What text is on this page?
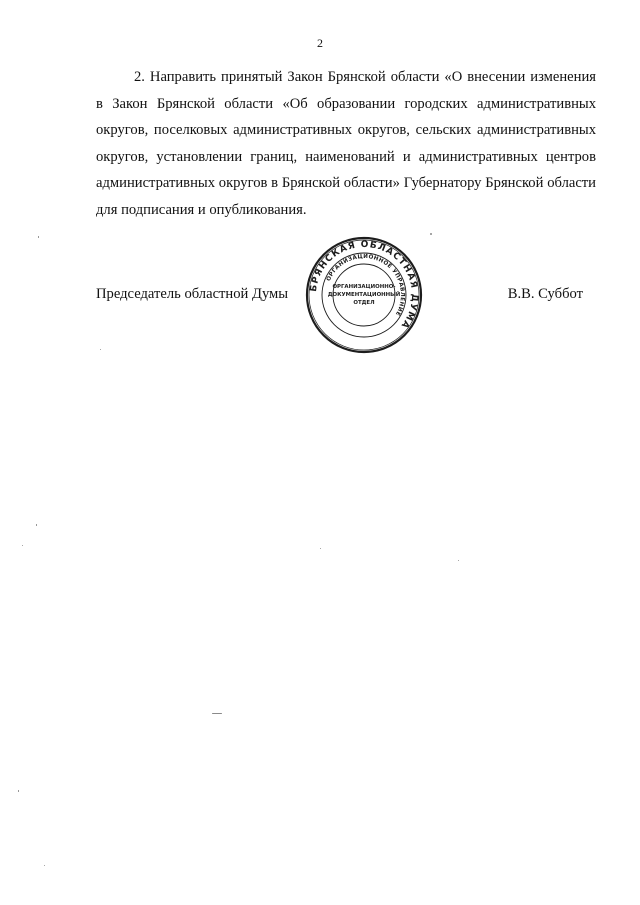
2

2. Направить принятый Закон Брянской области «О внесении изменения в Закон Брянской области «Об образовании городских административных округов, поселковых административных округов, сельских административных округов, установлении границ, наименований и административных центров административных округов в Брянской области» Губернатору Брянской области для подписания и опубликования.

Председатель областной Думы	В.В. Суббот
БРЯНСКАЯ ОБЛАСТНАЯ ДУМА
ОРГАНИЗАЦИОННОЕ УПРАВЛЕНИЕ
ОРГАНИЗАЦИОННО-
ДОКУМЕНТАЦИОННЫЙ
ОТДЕЛ
